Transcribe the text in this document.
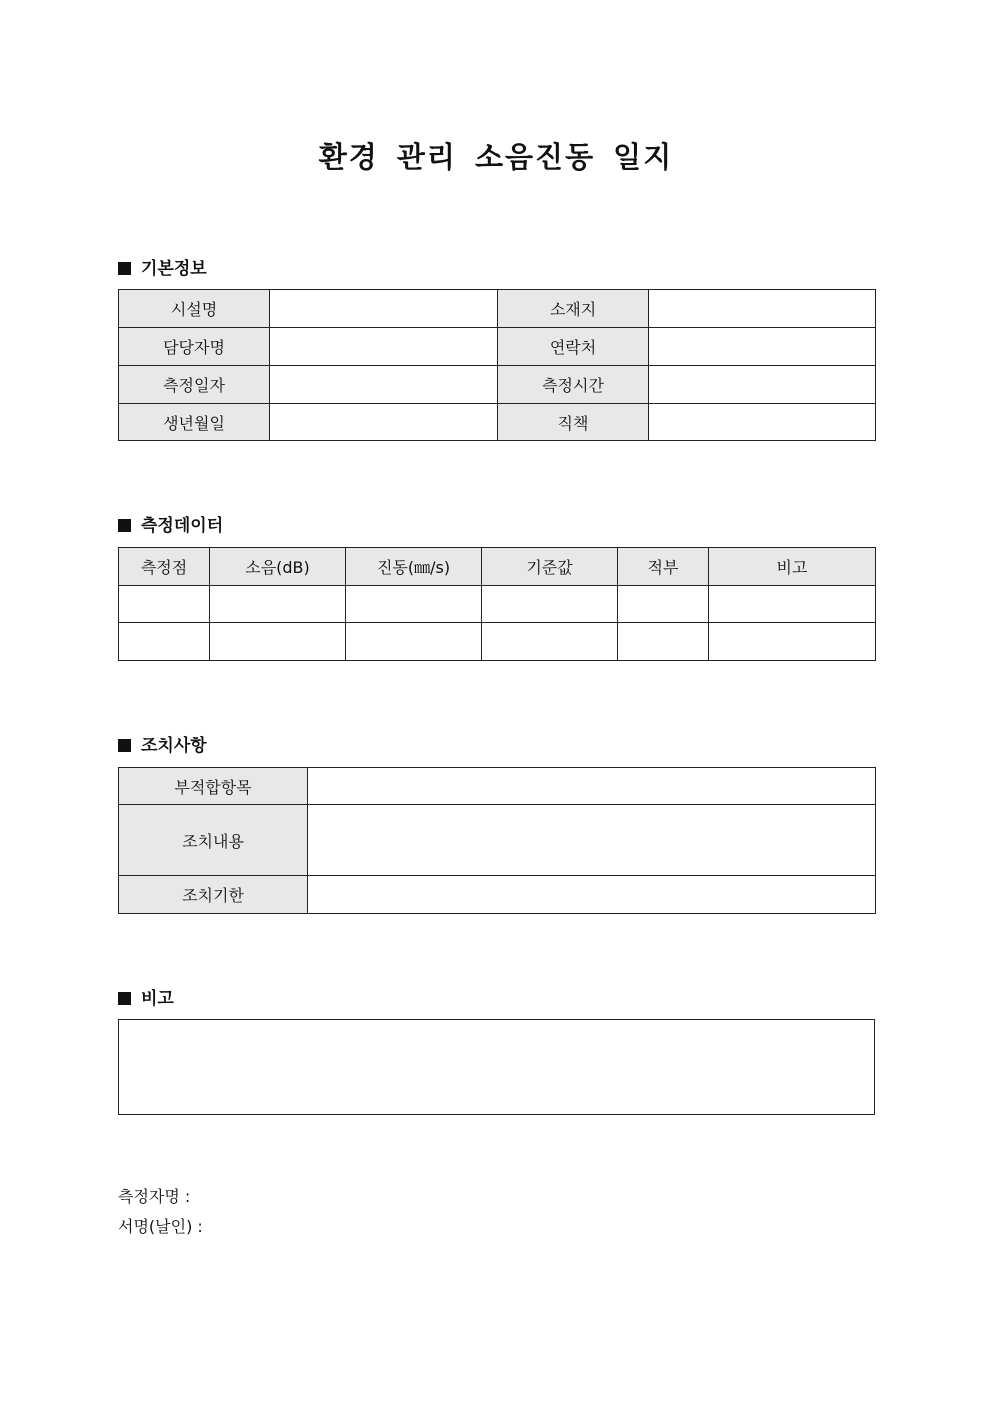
환경 관리 소음진동 일지
기본정보
시설명		소재지	
담당자명		연락처	
측정일자		측정시간	
생년월일		직책	
측정데이터
측정점	소음(dB)	진동(㎜/s)	기준값	적부	비고

조치사항
부적합항목	
조치내용	
조치기한	
비고
측정자명 :
서명(날인) :
